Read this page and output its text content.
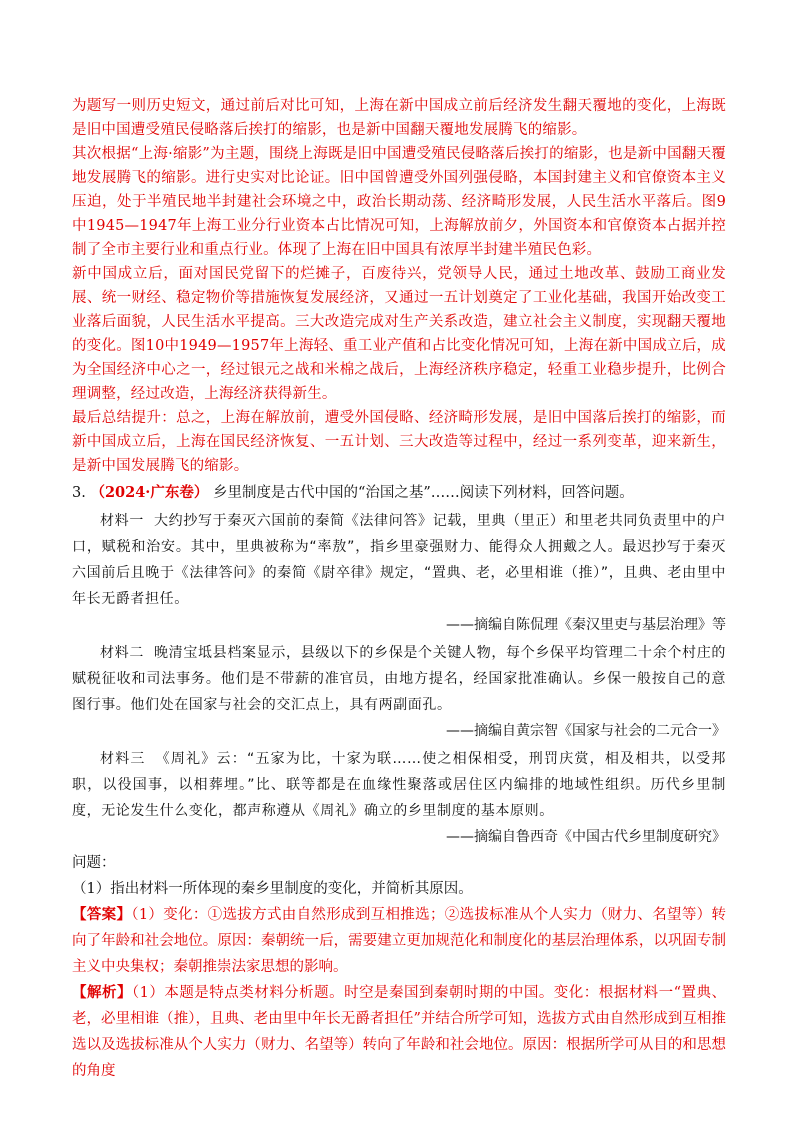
为题写一则历史短文，通过前后对比可知，上海在新中国成立前后经济发生翻天覆地的变化，上海既是旧中国遭受殖民侵略落后挨打的缩影，也是新中国翻天覆地发展腾飞的缩影。

其次根据“上海·缩影”为主题，围绕上海既是旧中国遭受殖民侵略落后挨打的缩影，也是新中国翻天覆地发展腾飞的缩影。进行史实对比论证。旧中国曾遭受外国列强侵略，本国封建主义和官僚资本主义压迫，处于半殖民地半封建社会环境之中，政治长期动荡、经济畸形发展，人民生活水平落后。图9中1945—1947年上海工业分行业资本占比情况可知，上海解放前夕，外国资本和官僚资本占据并控制了全市主要行业和重点行业。体现了上海在旧中国具有浓厚半封建半殖民色彩。

新中国成立后，面对国民党留下的烂摊子，百废待兴，党领导人民，通过土地改革、鼓励工商业发展、统一财经、稳定物价等措施恢复发展经济，又通过一五计划奠定了工业化基础，我国开始改变工业落后面貌，人民生活水平提高。三大改造完成对生产关系改造，建立社会主义制度，实现翻天覆地的变化。图10中1949—1957年上海轻、重工业产值和占比变化情况可知，上海在新中国成立后，成为全国经济中心之一，经过银元之战和米棉之战后，上海经济秩序稳定，轻重工业稳步提升，比例合理调整，经过改造，上海经济获得新生。

最后总结提升：总之，上海在解放前，遭受外国侵略、经济畸形发展，是旧中国落后挨打的缩影，而新中国成立后，上海在国民经济恢复、一五计划、三大改造等过程中，经过一系列变革，迎来新生，是新中国发展腾飞的缩影。

3. （2024·广东卷） 乡里制度是古代中国的“治国之基”……阅读下列材料，回答问题。

材料一 大约抄写于秦灭六国前的秦简《法律问答》记载，里典（里正）和里老共同负责里中的户口，赋税和治安。其中，里典被称为“率敖”，指乡里豪强财力、能得众人拥戴之人。最迟抄写于秦灭六国前后且晚于《法律答问》的秦简《尉卒律》规定，“置典、老，必里相谁（推）”，且典、老由里中年长无爵者担任。

——摘编自陈侃理《秦汉里吏与基层治理》等

材料二 晚清宝坻县档案显示，县级以下的乡保是个关键人物，每个乡保平均管理二十余个村庄的赋税征收和司法事务。他们是不带薪的准官员，由地方提名，经国家批准确认。乡保一般按自己的意图行事。他们处在国家与社会的交汇点上，具有两副面孔。

——摘编自黄宗智《国家与社会的二元合一》

材料三 《周礼》云：“五家为比，十家为联……使之相保相受，刑罚庆赏，相及相共，以受邦职，以役国事，以相葬埋。”比、联等都是在血缘性聚落或居住区内编排的地域性组织。历代乡里制度，无论发生什么变化，都声称遵从《周礼》确立的乡里制度的基本原则。

——摘编自鲁西奇《中国古代乡里制度研究》

问题：

（1）指出材料一所体现的秦乡里制度的变化，并简析其原因。

【答案】（1）变化：①选拔方式由自然形成到互相推选；②选拔标准从个人实力（财力、名望等）转向了年龄和社会地位。原因：秦朝统一后，需要建立更加规范化和制度化的基层治理体系，以巩固专制主义中央集权；秦朝推崇法家思想的影响。

【解析】（1）本题是特点类材料分析题。时空是秦国到秦朝时期的中国。变化：根据材料一“置典、老，必里相谁（推），且典、老由里中年长无爵者担任”并结合所学可知，选拔方式由自然形成到互相推选以及选拔标准从个人实力（财力、名望等）转向了年龄和社会地位。原因：根据所学可从目的和思想的角度
